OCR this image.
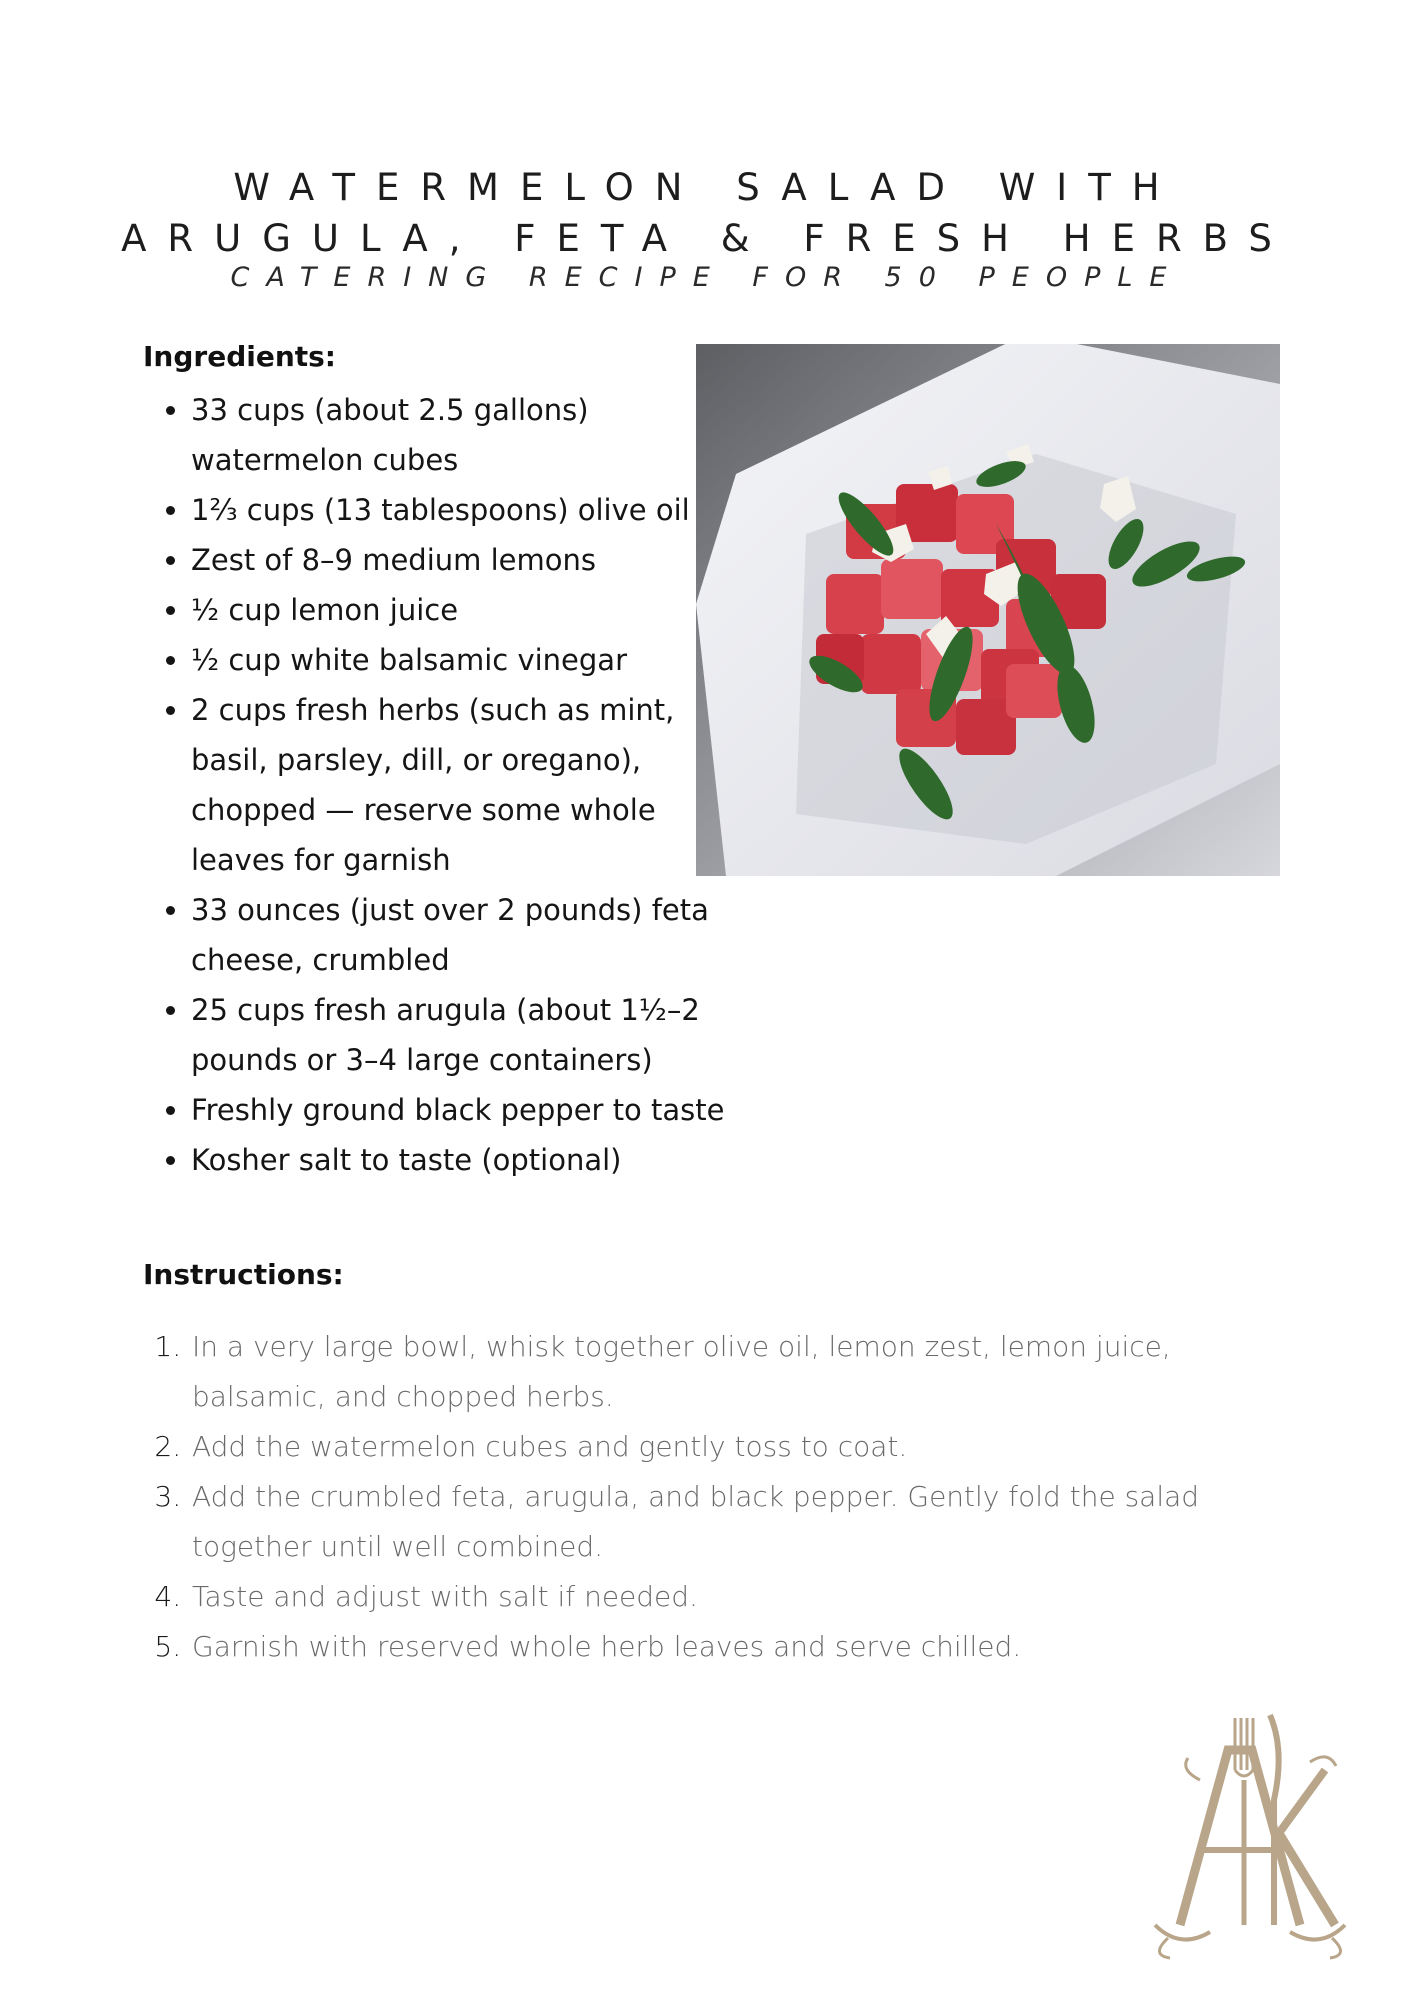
WATERMELON SALAD WITH
ARUGULA, FETA & FRESH HERBS
CATERING RECIPE FOR 50 PEOPLE
Ingredients:
• 33 cups (about 2.5 gallons) watermelon cubes
• 1⅔ cups (13 tablespoons) olive oil
• Zest of 8–9 medium lemons
• ½ cup lemon juice
• ½ cup white balsamic vinegar
• 2 cups fresh herbs (such as mint, basil, parsley, dill, or oregano), chopped — reserve some whole leaves for garnish
• 33 ounces (just over 2 pounds) feta cheese, crumbled
• 25 cups fresh arugula (about 1½–2 pounds or 3–4 large containers)
• Freshly ground black pepper to taste
• Kosher salt to taste (optional)
Instructions:
1. In a very large bowl, whisk together olive oil, lemon zest, lemon juice, balsamic, and chopped herbs.
2. Add the watermelon cubes and gently toss to coat.
3. Add the crumbled feta, arugula, and black pepper. Gently fold the salad together until well combined.
4. Taste and adjust with salt if needed.
5. Garnish with reserved whole herb leaves and serve chilled.
